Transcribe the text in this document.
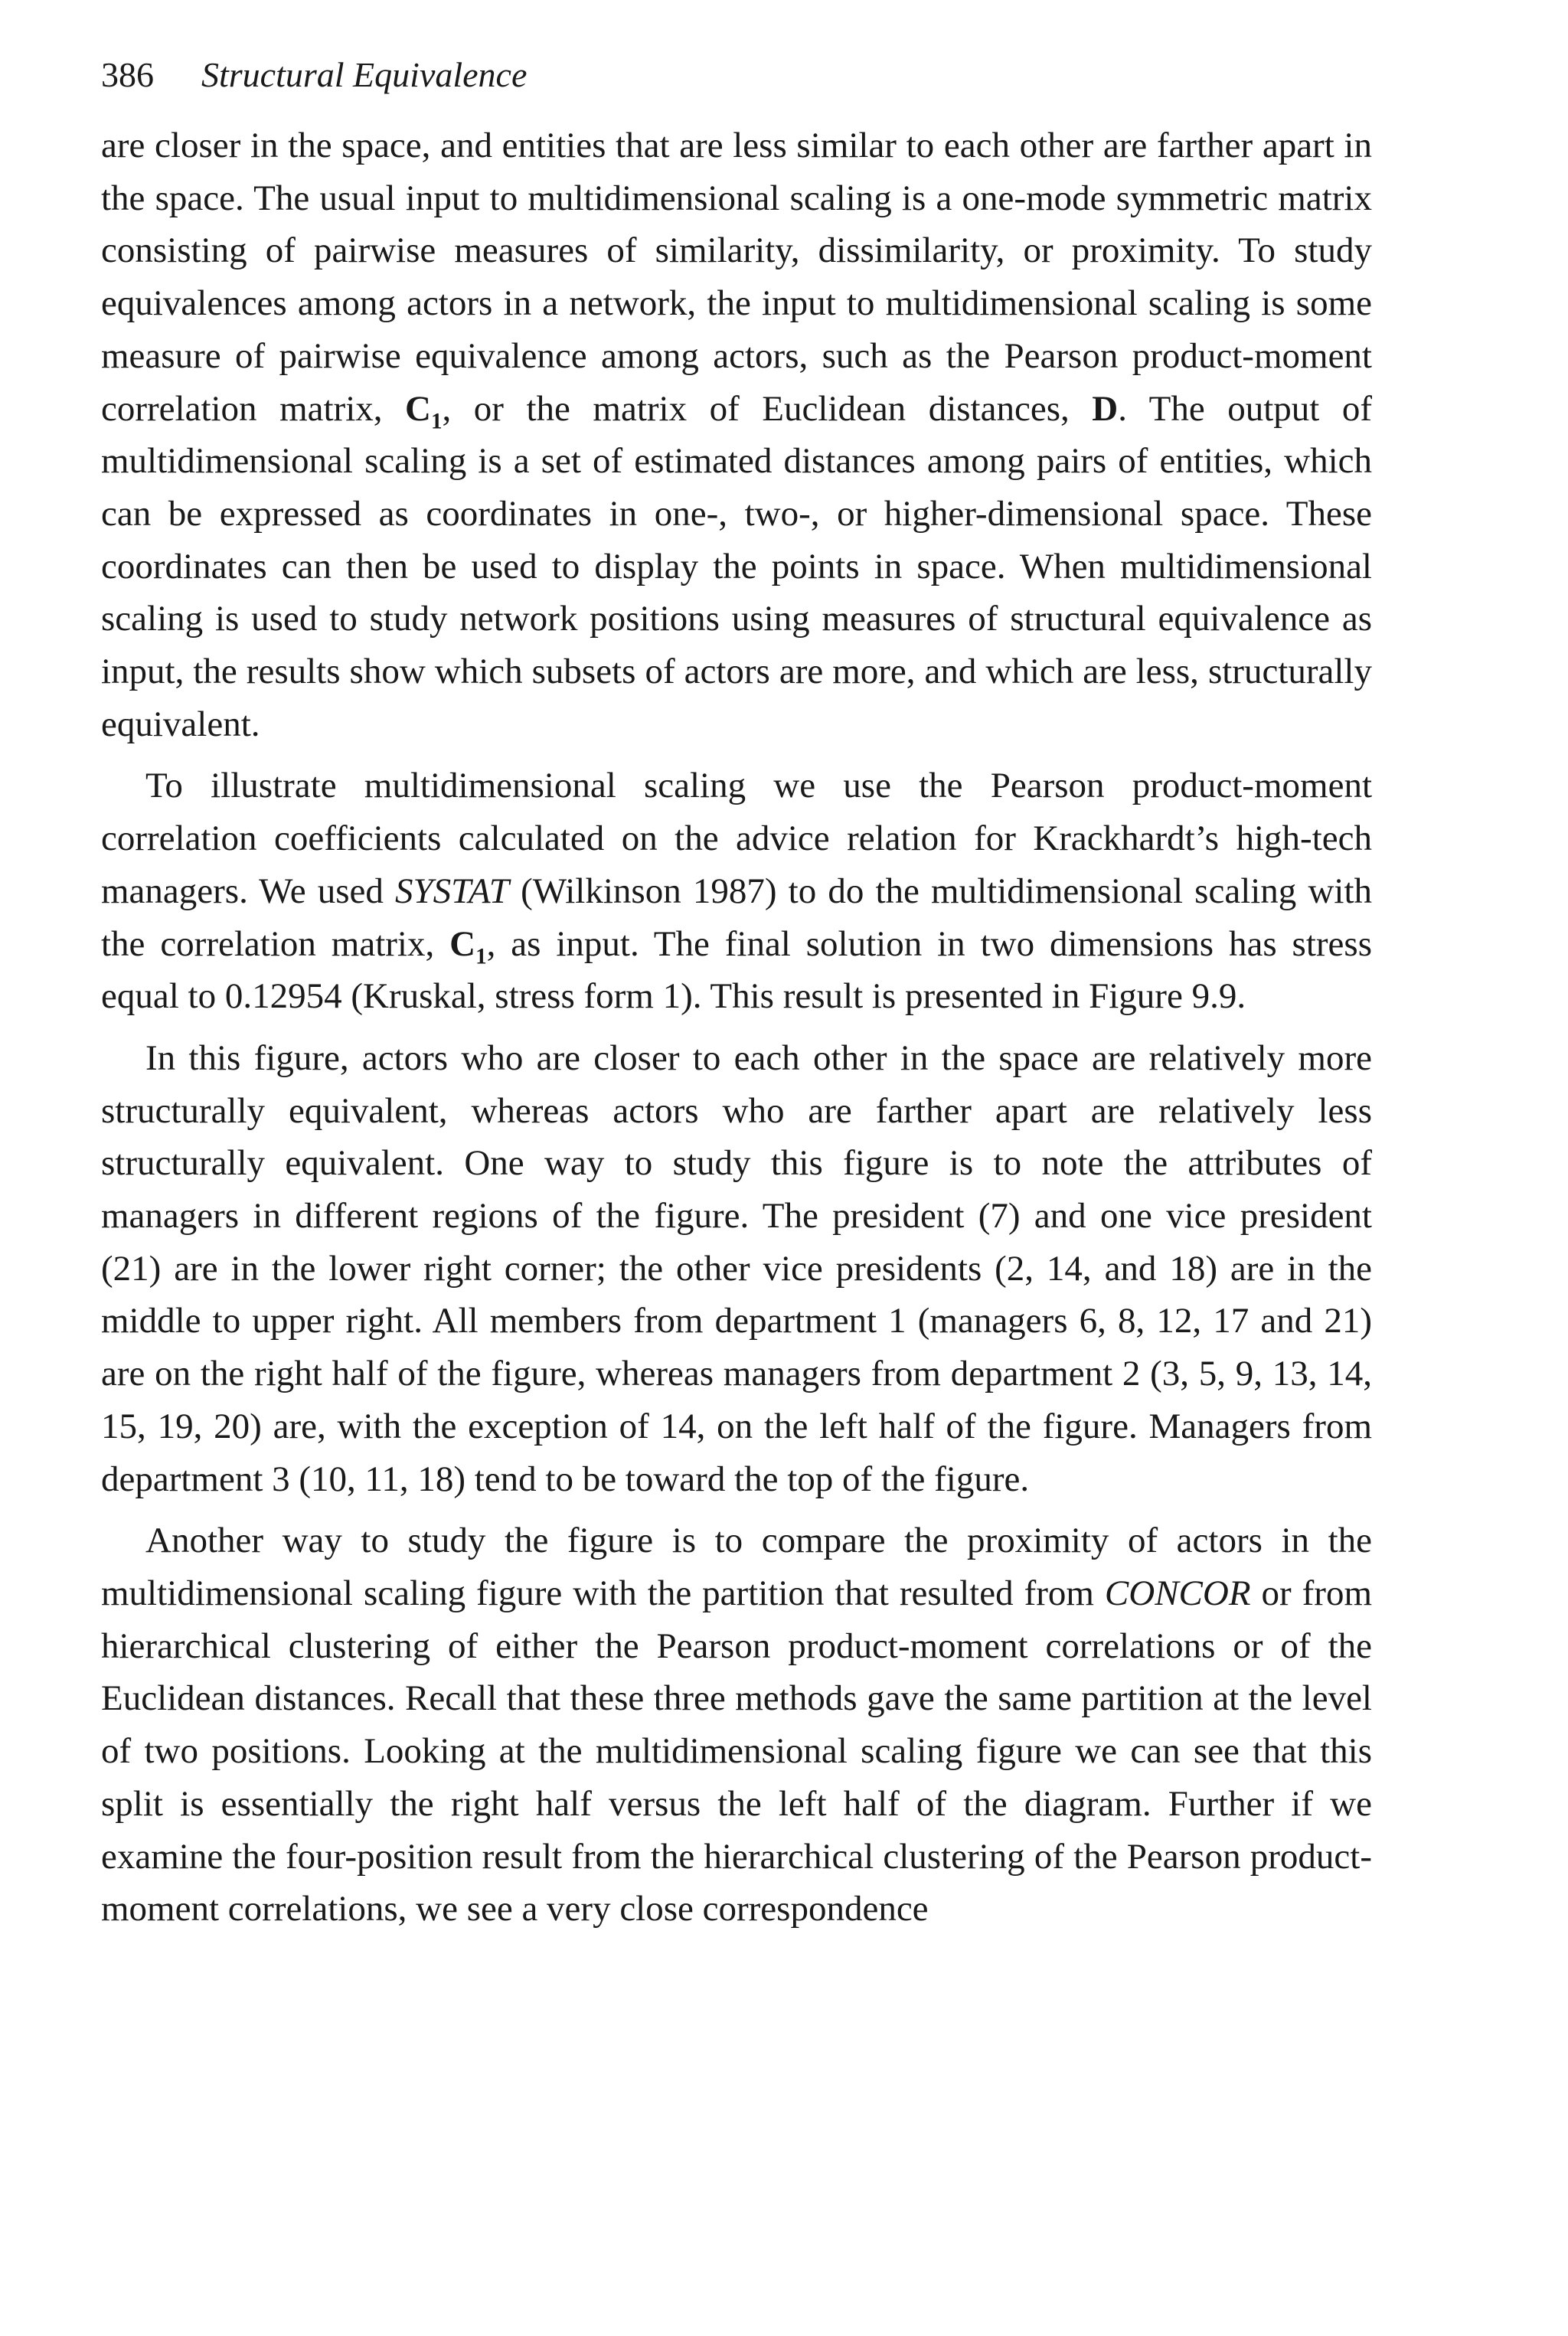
386 Structural Equivalence

are closer in the space, and entities that are less similar to each other are farther apart in the space. The usual input to multidimensional scaling is a one-mode symmetric matrix consisting of pairwise measures of similarity, dissimilarity, or proximity. To study equivalences among actors in a network, the input to multidimensional scaling is some measure of pairwise equivalence among actors, such as the Pearson product-moment correlation matrix, $C_1$, or the matrix of Euclidean distances, D. The output of multidimensional scaling is a set of estimated distances among pairs of entities, which can be expressed as coordinates in one-, two-, or higher-dimensional space. These coordinates can then be used to display the points in space. When multidimensional scaling is used to study network positions using measures of structural equivalence as input, the results show which subsets of actors are more, and which are less, structurally equivalent.

To illustrate multidimensional scaling we use the Pearson product-moment correlation coefficients calculated on the advice relation for Krackhardt’s high-tech managers. We used SYSTAT (Wilkinson 1987) to do the multidimensional scaling with the correlation matrix, $C_1$, as input. The final solution in two dimensions has stress equal to 0.12954 (Kruskal, stress form 1). This result is presented in Figure 9.9.

In this figure, actors who are closer to each other in the space are relatively more structurally equivalent, whereas actors who are farther apart are relatively less structurally equivalent. One way to study this figure is to note the attributes of managers in different regions of the figure. The president (7) and one vice president (21) are in the lower right corner; the other vice presidents (2, 14, and 18) are in the middle to upper right. All members from department 1 (managers 6, 8, 12, 17 and 21) are on the right half of the figure, whereas managers from department 2 (3, 5, 9, 13, 14, 15, 19, 20) are, with the exception of 14, on the left half of the figure. Managers from department 3 (10, 11, 18) tend to be toward the top of the figure.

Another way to study the figure is to compare the proximity of actors in the multidimensional scaling figure with the partition that resulted from CONCOR or from hierarchical clustering of either the Pearson product-moment correlations or of the Euclidean distances. Recall that these three methods gave the same partition at the level of two positions. Looking at the multidimensional scaling figure we can see that this split is essentially the right half versus the left half of the diagram. Further if we examine the four-position result from the hierarchical clustering of the Pearson product-moment correlations, we see a very close correspondence
